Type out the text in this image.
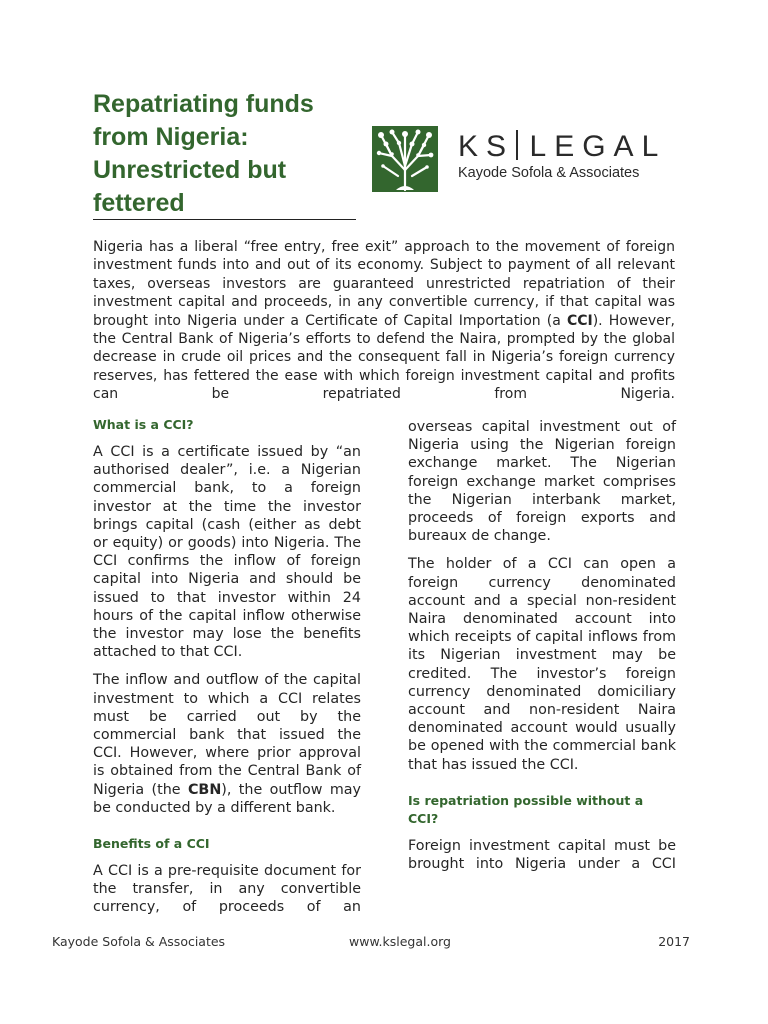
Repatriating funds from Nigeria: Unrestricted but fettered
KS LEGAL
Kayode Sofola & Associates

Nigeria has a liberal “free entry, free exit” approach to the movement of foreign investment funds into and out of its economy. Subject to payment of all relevant taxes, overseas investors are guaranteed unrestricted repatriation of their investment capital and proceeds, in any convertible currency, if that capital was brought into Nigeria under a Certificate of Capital Importation (a CCI). However, the Central Bank of Nigeria’s efforts to defend the Naira, prompted by the global decrease in crude oil prices and the consequent fall in Nigeria’s foreign currency reserves, has fettered the ease with which foreign investment capital and profits can be repatriated from Nigeria.

What is a CCI?

A CCI is a certificate issued by “an authorised dealer”, i.e. a Nigerian commercial bank, to a foreign investor at the time the investor brings capital (cash (either as debt or equity) or goods) into Nigeria. The CCI confirms the inflow of foreign capital into Nigeria and should be issued to that investor within 24 hours of the capital inflow otherwise the investor may lose the benefits attached to that CCI.

The inflow and outflow of the capital investment to which a CCI relates must be carried out by the commercial bank that issued the CCI. However, where prior approval is obtained from the Central Bank of Nigeria (the CBN), the outflow may be conducted by a different bank.

Benefits of a CCI

A CCI is a pre-requisite document for the transfer, in any convertible currency, of proceeds of an

overseas capital investment out of Nigeria using the Nigerian foreign exchange market. The Nigerian foreign exchange market comprises the Nigerian interbank market, proceeds of foreign exports and bureaux de change.

The holder of a CCI can open a foreign currency denominated account and a special non-resident Naira denominated account into which receipts of capital inflows from its Nigerian investment may be credited. The investor’s foreign currency denominated domiciliary account and non-resident Naira denominated account would usually be opened with the commercial bank that has issued the CCI.

Is repatriation possible without a CCI?

Foreign investment capital must be brought into Nigeria under a CCI

Kayode Sofola & Associates	www.kslegal.org	2017
